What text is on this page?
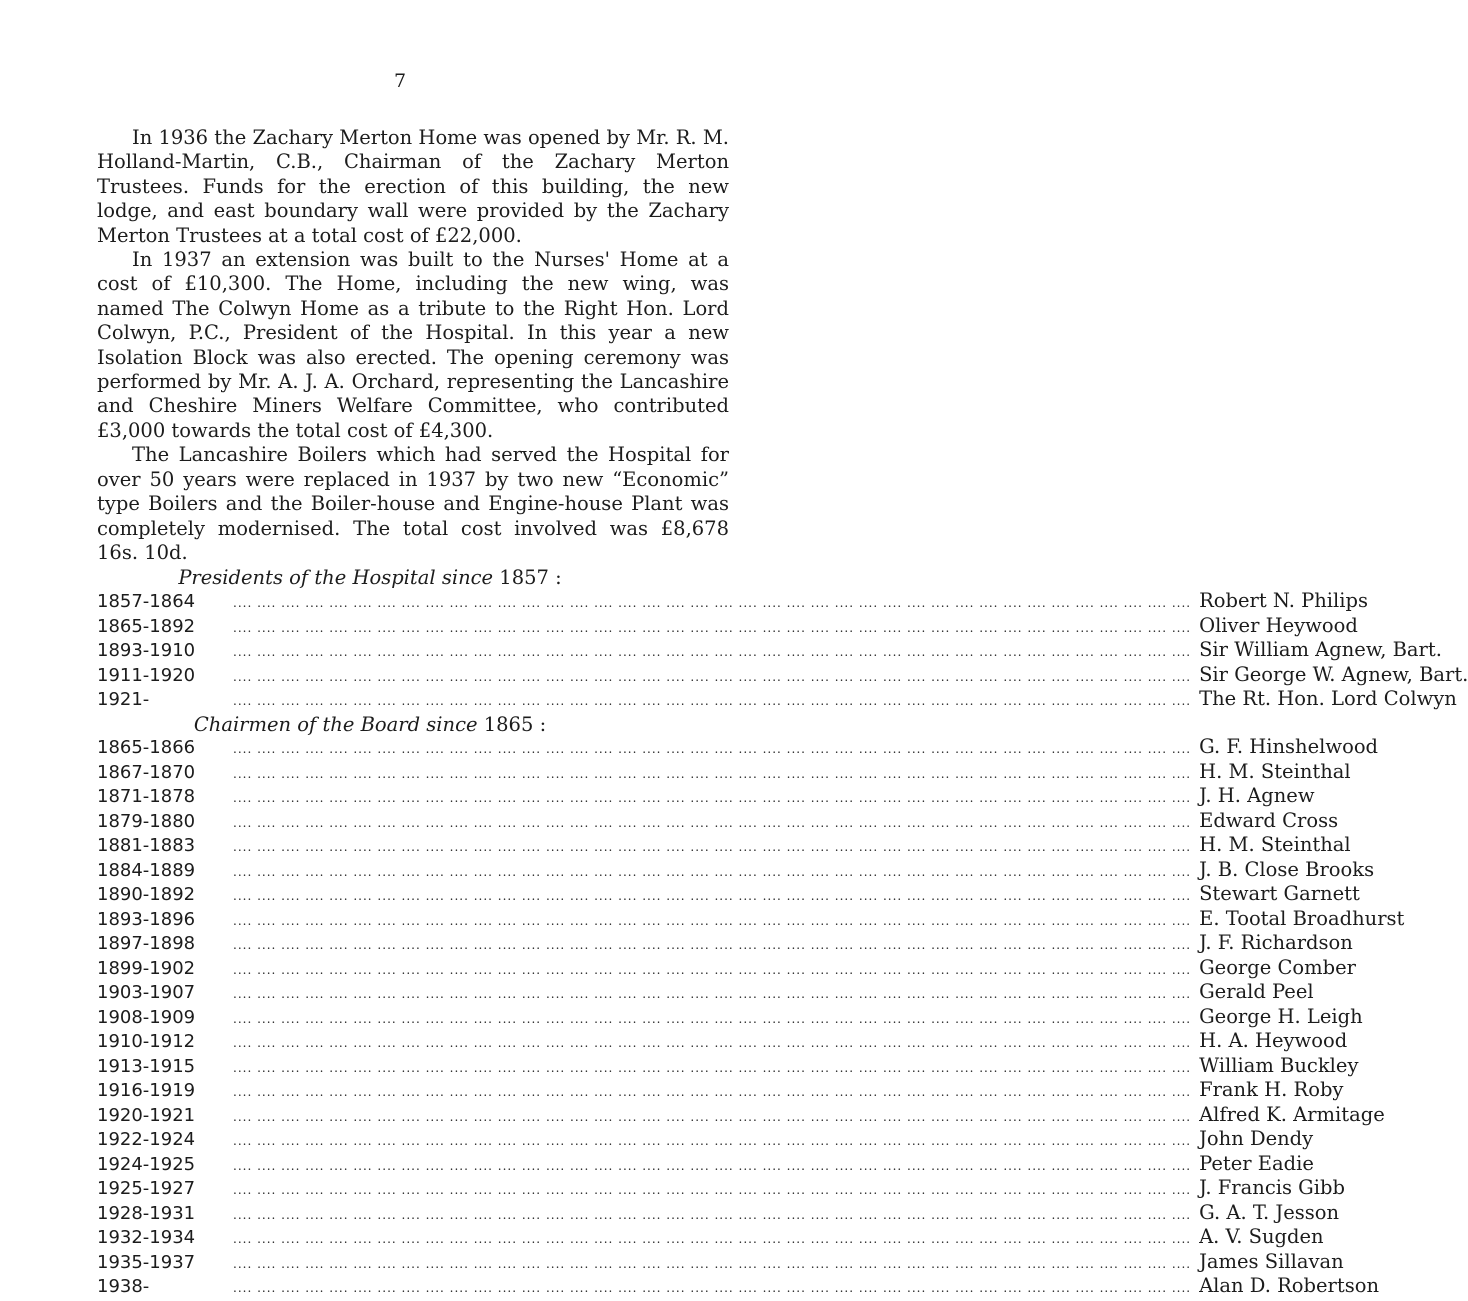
7

In 1936 the Zachary Merton Home was opened by Mr. R. M. Holland-Martin, C.B., Chairman of the Zachary Merton Trustees. Funds for the erection of this building, the new lodge, and east boundary wall were provided by the Zachary Merton Trustees at a total cost of £22,000.

In 1937 an extension was built to the Nurses' Home at a cost of £10,300. The Home, including the new wing, was named The Colwyn Home as a tribute to the Right Hon. Lord Colwyn, P.C., President of the Hospital. In this year a new Isolation Block was also erected. The opening ceremony was performed by Mr. A. J. A. Orchard, representing the Lancashire and Cheshire Miners Welfare Committee, who contributed £3,000 towards the total cost of £4,300.

The Lancashire Boilers which had served the Hospital for over 50 years were replaced in 1937 by two new “Economic” type Boilers and the Boiler-house and Engine-house Plant was completely modernised. The total cost involved was £8,678 16s. 10d.

Presidents of the Hospital since 1857 :
1857-1864	.... .... .... .... .... .... .... .... .... .... .... .... .... .... .... .... .... .... .... .... .... .... .... .... .... .... .... .... .... .... .... .... .... .... .... .... .... .... .... .... Robert N. Philips
1865-1892	.... .... .... .... .... .... .... .... .... .... .... .... .... .... .... .... .... .... .... .... .... .... .... .... .... .... .... .... .... .... .... .... .... .... .... .... .... .... .... .... Oliver Heywood
1893-1910	.... .... .... .... .... .... .... .... .... .... .... .... .... .... .... .... .... .... .... .... .... .... .... .... .... .... .... .... .... .... .... .... .... .... .... .... .... .... .... .... Sir William Agnew, Bart.
1911-1920	.... .... .... .... .... .... .... .... .... .... .... .... .... .... .... .... .... .... .... .... .... .... .... .... .... .... .... .... .... .... .... .... .... .... .... .... .... .... .... .... Sir George W. Agnew, Bart.
1921-	.... .... .... .... .... .... .... .... .... .... .... .... .... .... .... .... .... .... .... .... .... .... .... .... .... .... .... .... .... .... .... .... .... .... .... .... .... .... .... .... The Rt. Hon. Lord Colwyn
Chairmen of the Board since 1865 :
1865-1866	.... .... .... .... .... .... .... .... .... .... .... .... .... .... .... .... .... .... .... .... .... .... .... .... .... .... .... .... .... .... .... .... .... .... .... .... .... .... .... .... G. F. Hinshelwood
1867-1870	.... .... .... .... .... .... .... .... .... .... .... .... .... .... .... .... .... .... .... .... .... .... .... .... .... .... .... .... .... .... .... .... .... .... .... .... .... .... .... .... H. M. Steinthal
1871-1878	.... .... .... .... .... .... .... .... .... .... .... .... .... .... .... .... .... .... .... .... .... .... .... .... .... .... .... .... .... .... .... .... .... .... .... .... .... .... .... .... J. H. Agnew
1879-1880	.... .... .... .... .... .... .... .... .... .... .... .... .... .... .... .... .... .... .... .... .... .... .... .... .... .... .... .... .... .... .... .... .... .... .... .... .... .... .... .... Edward Cross
1881-1883	.... .... .... .... .... .... .... .... .... .... .... .... .... .... .... .... .... .... .... .... .... .... .... .... .... .... .... .... .... .... .... .... .... .... .... .... .... .... .... .... H. M. Steinthal
1884-1889	.... .... .... .... .... .... .... .... .... .... .... .... .... .... .... .... .... .... .... .... .... .... .... .... .... .... .... .... .... .... .... .... .... .... .... .... .... .... .... .... J. B. Close Brooks
1890-1892	.... .... .... .... .... .... .... .... .... .... .... .... .... .... .... .... .... .... .... .... .... .... .... .... .... .... .... .... .... .... .... .... .... .... .... .... .... .... .... .... Stewart Garnett
1893-1896	.... .... .... .... .... .... .... .... .... .... .... .... .... .... .... .... .... .... .... .... .... .... .... .... .... .... .... .... .... .... .... .... .... .... .... .... .... .... .... .... E. Tootal Broadhurst
1897-1898	.... .... .... .... .... .... .... .... .... .... .... .... .... .... .... .... .... .... .... .... .... .... .... .... .... .... .... .... .... .... .... .... .... .... .... .... .... .... .... .... J. F. Richardson
1899-1902	.... .... .... .... .... .... .... .... .... .... .... .... .... .... .... .... .... .... .... .... .... .... .... .... .... .... .... .... .... .... .... .... .... .... .... .... .... .... .... .... George Comber
1903-1907	.... .... .... .... .... .... .... .... .... .... .... .... .... .... .... .... .... .... .... .... .... .... .... .... .... .... .... .... .... .... .... .... .... .... .... .... .... .... .... .... Gerald Peel
1908-1909	.... .... .... .... .... .... .... .... .... .... .... .... .... .... .... .... .... .... .... .... .... .... .... .... .... .... .... .... .... .... .... .... .... .... .... .... .... .... .... .... George H. Leigh
1910-1912	.... .... .... .... .... .... .... .... .... .... .... .... .... .... .... .... .... .... .... .... .... .... .... .... .... .... .... .... .... .... .... .... .... .... .... .... .... .... .... .... H. A. Heywood
1913-1915	.... .... .... .... .... .... .... .... .... .... .... .... .... .... .... .... .... .... .... .... .... .... .... .... .... .... .... .... .... .... .... .... .... .... .... .... .... .... .... .... William Buckley
1916-1919	.... .... .... .... .... .... .... .... .... .... .... .... .... .... .... .... .... .... .... .... .... .... .... .... .... .... .... .... .... .... .... .... .... .... .... .... .... .... .... .... Frank H. Roby
1920-1921	.... .... .... .... .... .... .... .... .... .... .... .... .... .... .... .... .... .... .... .... .... .... .... .... .... .... .... .... .... .... .... .... .... .... .... .... .... .... .... .... Alfred K. Armitage
1922-1924	.... .... .... .... .... .... .... .... .... .... .... .... .... .... .... .... .... .... .... .... .... .... .... .... .... .... .... .... .... .... .... .... .... .... .... .... .... .... .... .... John Dendy
1924-1925	.... .... .... .... .... .... .... .... .... .... .... .... .... .... .... .... .... .... .... .... .... .... .... .... .... .... .... .... .... .... .... .... .... .... .... .... .... .... .... .... Peter Eadie
1925-1927	.... .... .... .... .... .... .... .... .... .... .... .... .... .... .... .... .... .... .... .... .... .... .... .... .... .... .... .... .... .... .... .... .... .... .... .... .... .... .... .... J. Francis Gibb
1928-1931	.... .... .... .... .... .... .... .... .... .... .... .... .... .... .... .... .... .... .... .... .... .... .... .... .... .... .... .... .... .... .... .... .... .... .... .... .... .... .... .... G. A. T. Jesson
1932-1934	.... .... .... .... .... .... .... .... .... .... .... .... .... .... .... .... .... .... .... .... .... .... .... .... .... .... .... .... .... .... .... .... .... .... .... .... .... .... .... .... A. V. Sugden
1935-1937	.... .... .... .... .... .... .... .... .... .... .... .... .... .... .... .... .... .... .... .... .... .... .... .... .... .... .... .... .... .... .... .... .... .... .... .... .... .... .... .... James Sillavan
1938-	.... .... .... .... .... .... .... .... .... .... .... .... .... .... .... .... .... .... .... .... .... .... .... .... .... .... .... .... .... .... .... .... .... .... .... .... .... .... .... .... Alan D. Robertson
